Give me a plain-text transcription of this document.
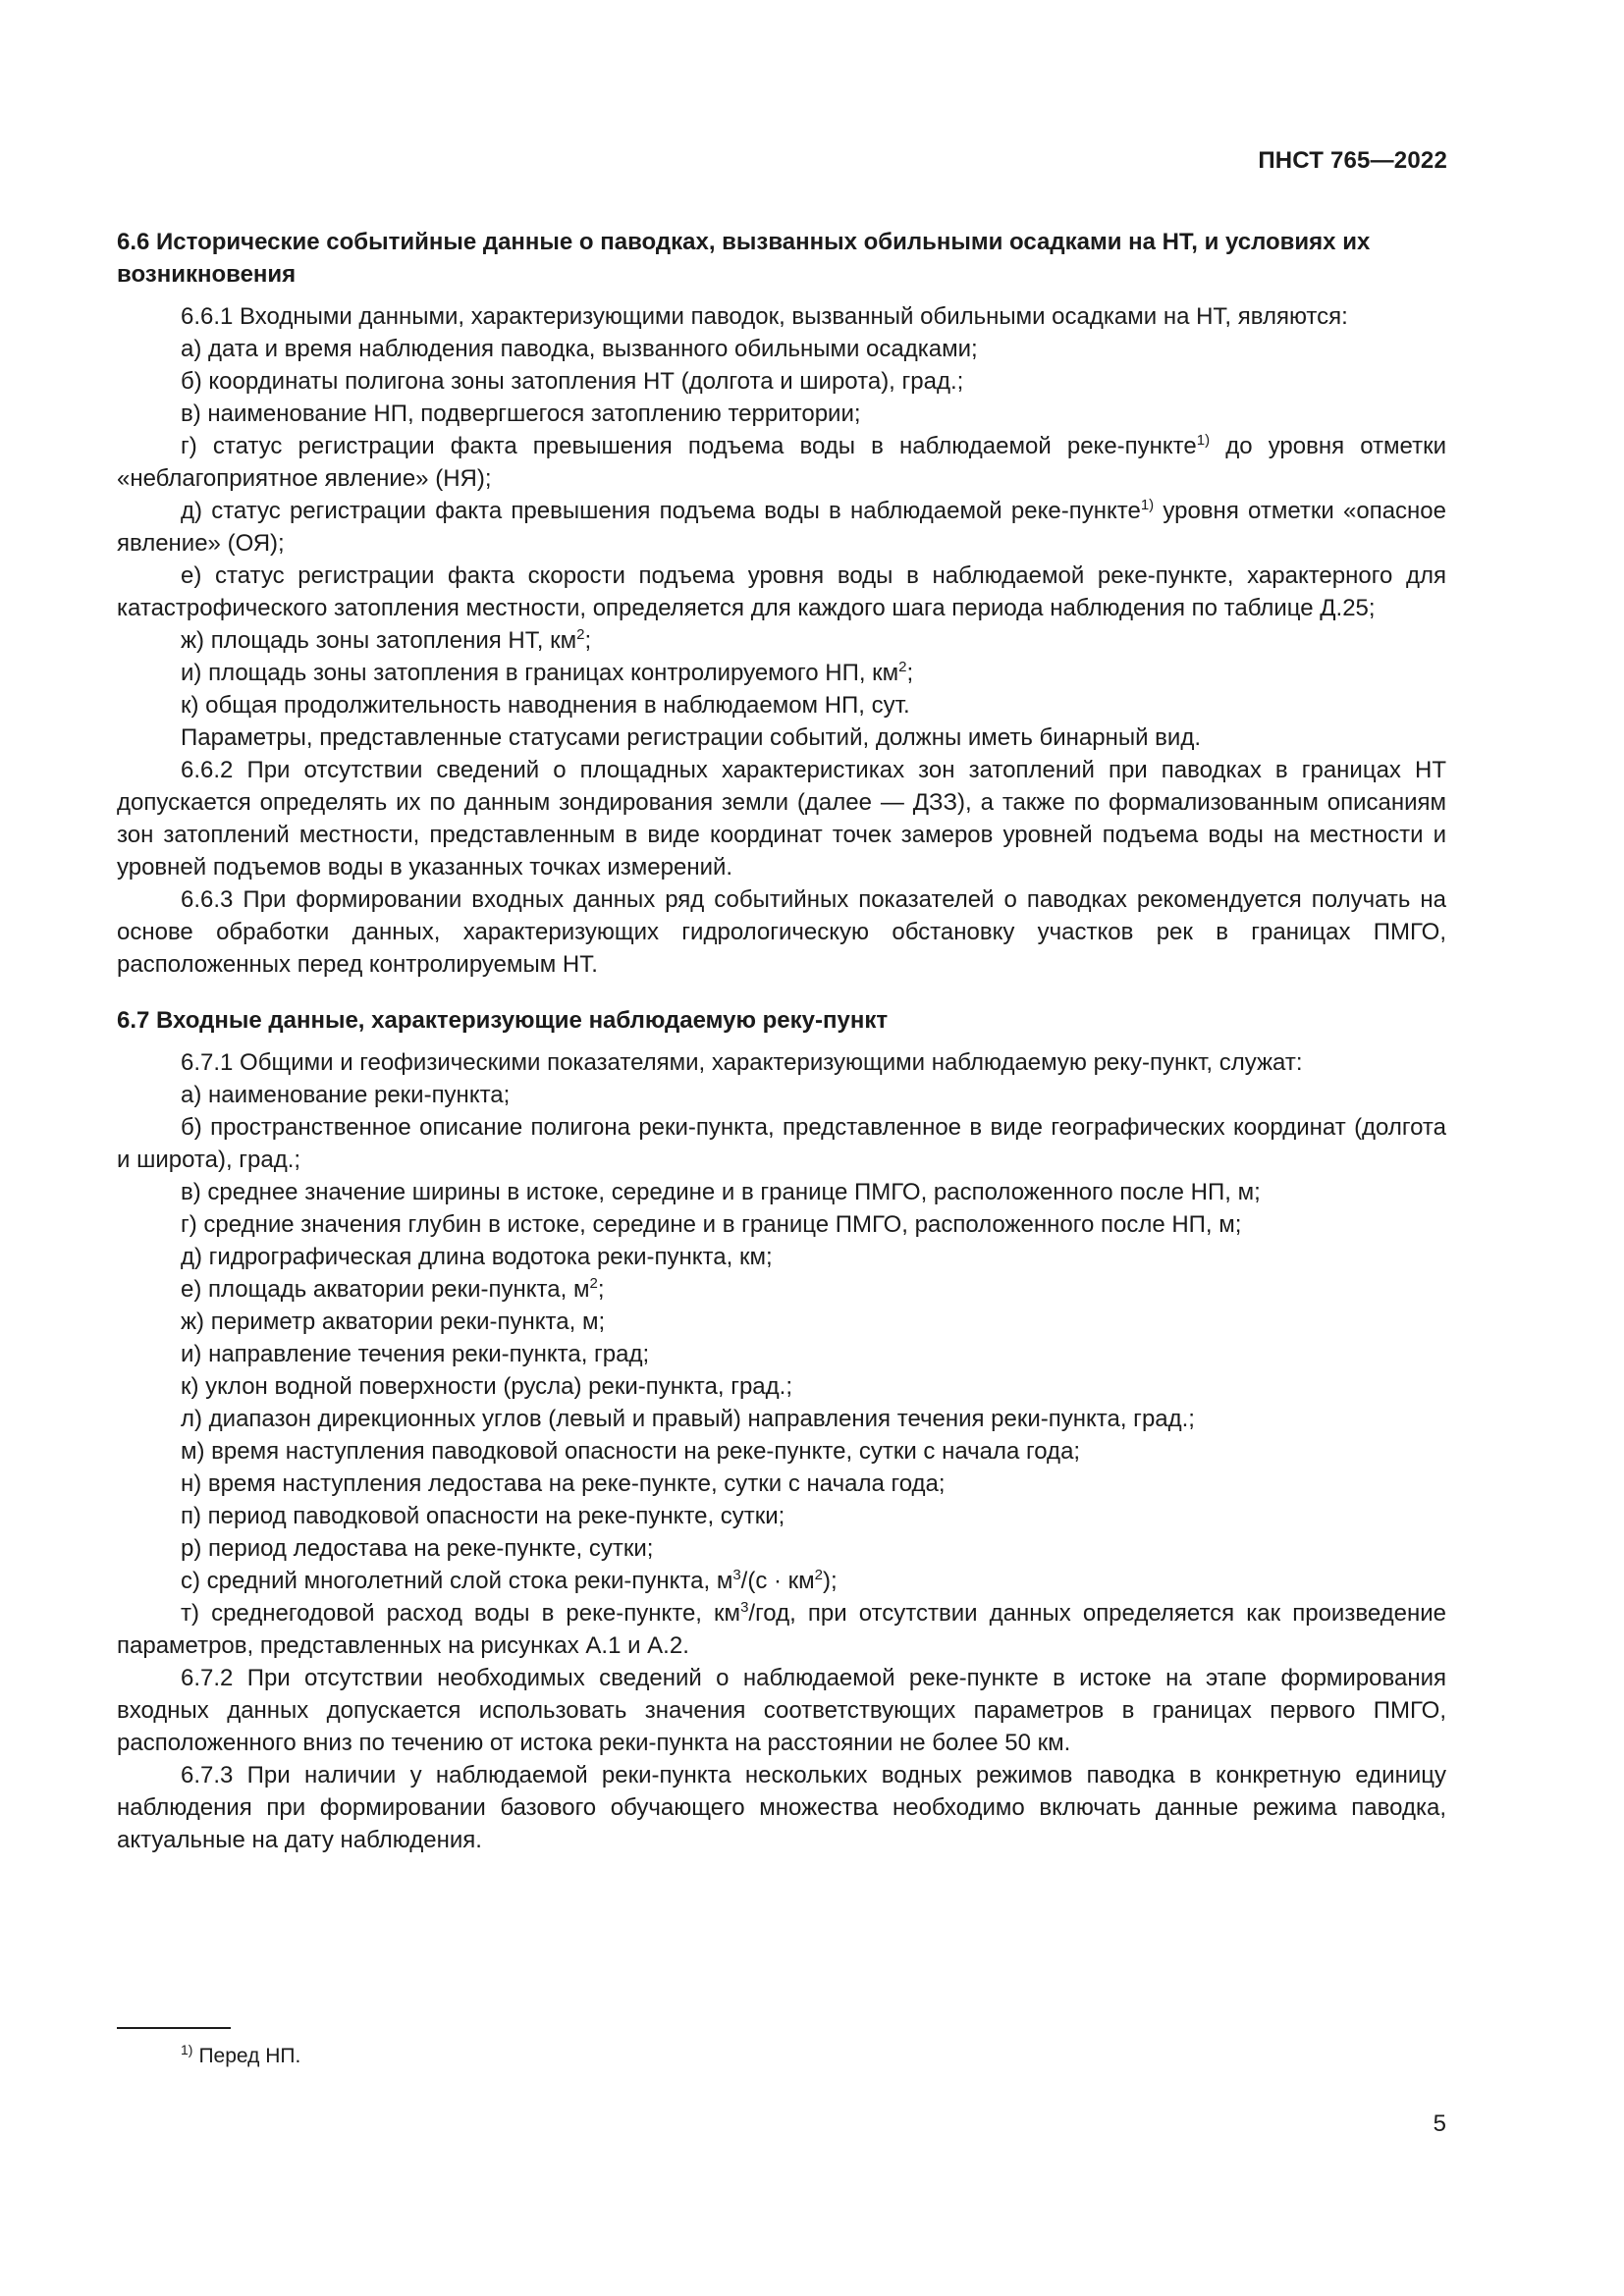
ПНСТ 765—2022

6.6 Исторические событийные данные о паводках, вызванных обильными осадками на НТ, и условиях их возникновения

6.6.1 Входными данными, характеризующими паводок, вызванный обильными осадками на НТ, являются:

а) дата и время наблюдения паводка, вызванного обильными осадками;

б) координаты полигона зоны затопления НТ (долгота и широта), град.;

в) наименование НП, подвергшегося затоплению территории;

г) статус регистрации факта превышения подъема воды в наблюдаемой реке-пункте$^{1)}$ до уровня отметки «неблагоприятное явление» (НЯ);

д) статус регистрации факта превышения подъема воды в наблюдаемой реке-пункте$^{1)}$ уровня отметки «опасное явление» (ОЯ);

е) статус регистрации факта скорости подъема уровня воды в наблюдаемой реке-пункте, характерного для катастрофического затопления местности, определяется для каждого шага периода наблюдения по таблице Д.25;

ж) площадь зоны затопления НТ, $км^2$;

и) площадь зоны затопления в границах контролируемого НП, $км^2$;

к) общая продолжительность наводнения в наблюдаемом НП, сут.

Параметры, представленные статусами регистрации событий, должны иметь бинарный вид.

6.6.2 При отсутствии сведений о площадных характеристиках зон затоплений при паводках в границах НТ допускается определять их по данным зондирования земли (далее — ДЗЗ), а также по формализованным описаниям зон затоплений местности, представленным в виде координат точек замеров уровней подъема воды на местности и уровней подъемов воды в указанных точках измерений.

6.6.3 При формировании входных данных ряд событийных показателей о паводках рекомендуется получать на основе обработки данных, характеризующих гидрологическую обстановку участков рек в границах ПМГО, расположенных перед контролируемым НТ.

6.7 Входные данные, характеризующие наблюдаемую реку-пункт

6.7.1 Общими и геофизическими показателями, характеризующими наблюдаемую реку-пункт, служат:

а) наименование реки-пункта;

б) пространственное описание полигона реки-пункта, представленное в виде географических координат (долгота и широта), град.;

в) среднее значение ширины в истоке, середине и в границе ПМГО, расположенного после НП, м;

г) средние значения глубин в истоке, середине и в границе ПМГО, расположенного после НП, м;

д) гидрографическая длина водотока реки-пункта, км;

е) площадь акватории реки-пункта, $м^2$;

ж) периметр акватории реки-пункта, м;

и) направление течения реки-пункта, град;

к) уклон водной поверхности (русла) реки-пункта, град.;

л) диапазон дирекционных углов (левый и правый) направления течения реки-пункта, град.;

м) время наступления паводковой опасности на реке-пункте, сутки с начала года;

н) время наступления ледостава на реке-пункте, сутки с начала года;

п) период паводковой опасности на реке-пункте, сутки;

р) период ледостава на реке-пункте, сутки;

с) средний многолетний слой стока реки-пункта, $м^3/(с \cdot км^2)$;

т) среднегодовой расход воды в реке-пункте, $км^3$/год, при отсутствии данных определяется как произведение параметров, представленных на рисунках А.1 и А.2.

6.7.2 При отсутствии необходимых сведений о наблюдаемой реке-пункте в истоке на этапе формирования входных данных допускается использовать значения соответствующих параметров в границах первого ПМГО, расположенного вниз по течению от истока реки-пункта на расстоянии не более 50 км.

6.7.3 При наличии у наблюдаемой реки-пункта нескольких водных режимов паводка в конкретную единицу наблюдения при формировании базового обучающего множества необходимо включать данные режима паводка, актуальные на дату наблюдения.

$^{1)}$ Перед НП.
5
